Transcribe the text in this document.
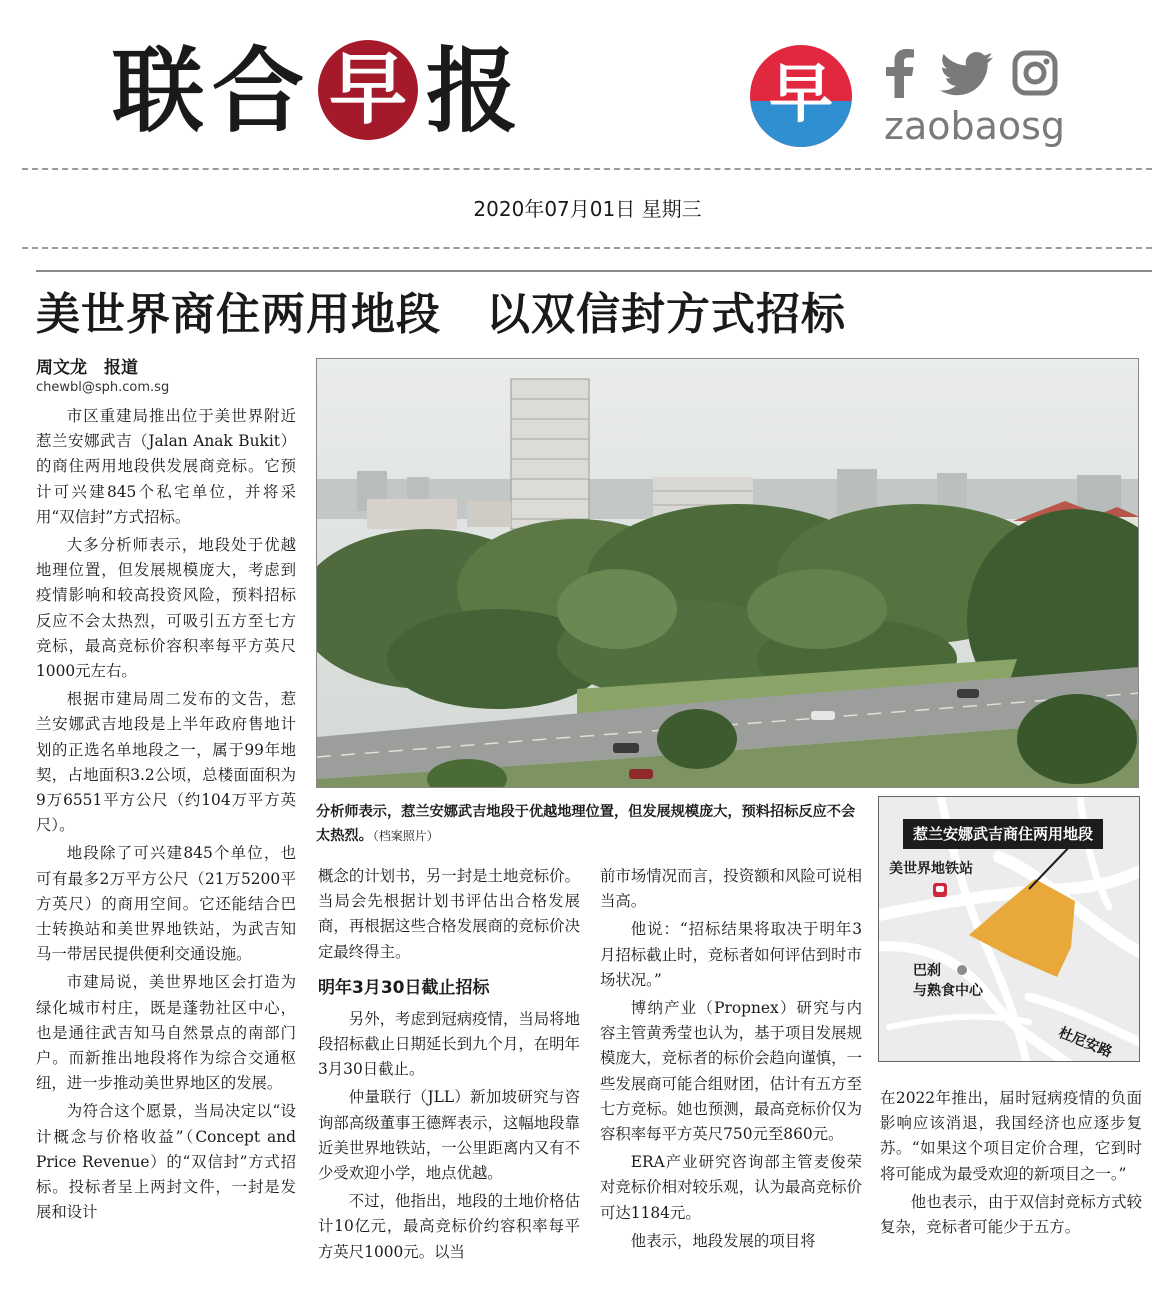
联 合 早 报	早	zaobaosg
2020年07月01日 星期三
美世界商住两用地段　以双信封方式招标
周文龙　报道
chewbl@sph.com.sg

市区重建局推出位于美世界附近惹兰安娜武吉（Jalan Anak Bukit）的商住两用地段供发展商竞标。它预计可兴建845个私宅单位，并将采用“双信封”方式招标。

大多分析师表示，地段处于优越地理位置，但发展规模庞大，考虑到疫情影响和较高投资风险，预料招标反应不会太热烈，可吸引五方至七方竞标，最高竞标价容积率每平方英尺1000元左右。

根据市建局周二发布的文告，惹兰安娜武吉地段是上半年政府售地计划的正选名单地段之一，属于99年地契，占地面积3.2公顷，总楼面面积为9万6551平方公尺（约104万平方英尺）。

地段除了可兴建845个单位，也可有最多2万平方公尺（21万5200平方英尺）的商用空间。它还能结合巴士转换站和美世界地铁站，为武吉知马一带居民提供便利交通设施。

市建局说，美世界地区会打造为绿化城市村庄，既是蓬勃社区中心，也是通往武吉知马自然景点的南部门户。而新推出地段将作为综合交通枢纽，进一步推动美世界地区的发展。

为符合这个愿景，当局决定以“设计概念与价格收益”（Concept and Price Revenue）的“双信封”方式招标。投标者呈上两封文件，一封是发展和设计

分析师表示，惹兰安娜武吉地段于优越地理位置，但发展规模庞大，预料招标反应不会太热烈。（档案照片）

概念的计划书，另一封是土地竞标价。当局会先根据计划书评估出合格发展商，再根据这些合格发展商的竞标价决定最终得主。

明年3月30日截止招标

另外，考虑到冠病疫情，当局将地段招标截止日期延长到九个月，在明年3月30日截止。

仲量联行（JLL）新加坡研究与咨询部高级董事王德辉表示，这幅地段靠近美世界地铁站，一公里距离内又有不少受欢迎小学，地点优越。

不过，他指出，地段的土地价格估计10亿元，最高竞标价约容积率每平方英尺1000元。以当

前市场情况而言，投资额和风险可说相当高。

他说：“招标结果将取决于明年3月招标截止时，竞标者如何评估到时市场状况。”

博纳产业（Propnex）研究与内容主管黄秀莹也认为，基于项目发展规模庞大，竞标者的标价会趋向谨慎，一些发展商可能合组财团，估计有五方至七方竞标。她也预测，最高竞标价仅为容积率每平方英尺750元至860元。

ERA产业研究咨询部主管麦俊荣对竞标价相对较乐观，认为最高竞标价可达1184元。

他表示，地段发展的项目将

惹兰安娜武吉商住两用地段
美世界地铁站
巴刹
与熟食中心
杜尼安路

在2022年推出，届时冠病疫情的负面影响应该消退，我国经济也应逐步复苏。“如果这个项目定价合理，它到时将可能成为最受欢迎的新项目之一。”

他也表示，由于双信封竞标方式较复杂，竞标者可能少于五方。
